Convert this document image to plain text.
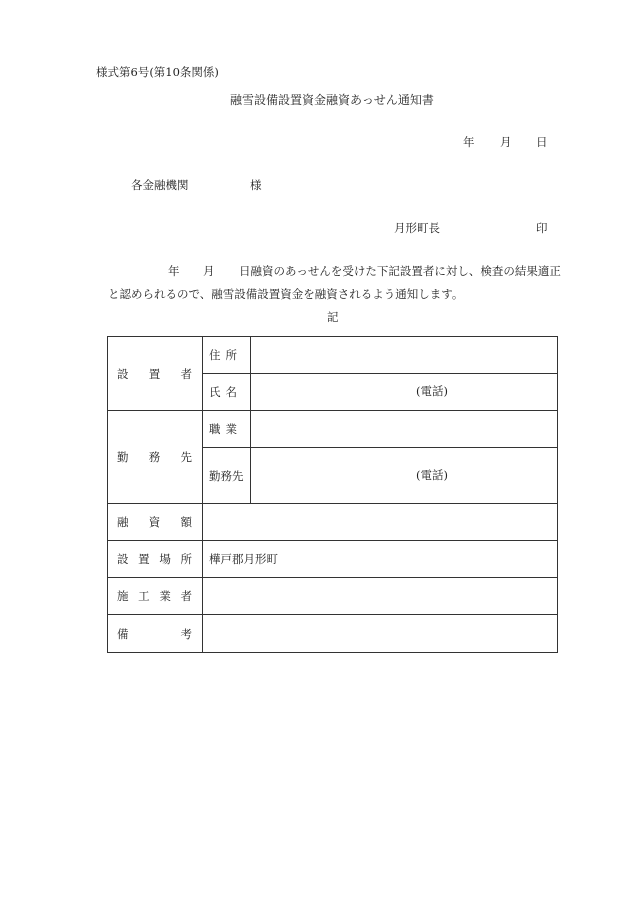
様式第6号(第10条関係)
融雪設備設置資金融資あっせん通知書
年 月 日
各金融機関	様
月形町長	印
年 月 日融資のあっせんを受けた下記設置者に対し、検査の結果適正
と認められるので、融雪設備設置資金を融資されるよう通知します。
記
設 置 者	住 所	

	氏 名	(電話)

勤 務 先	職 業	

	勤務先	(電話)

融 資 額		

設 置 場 所	樺戸郡月形町	

施 工 業 者		

備 考		
